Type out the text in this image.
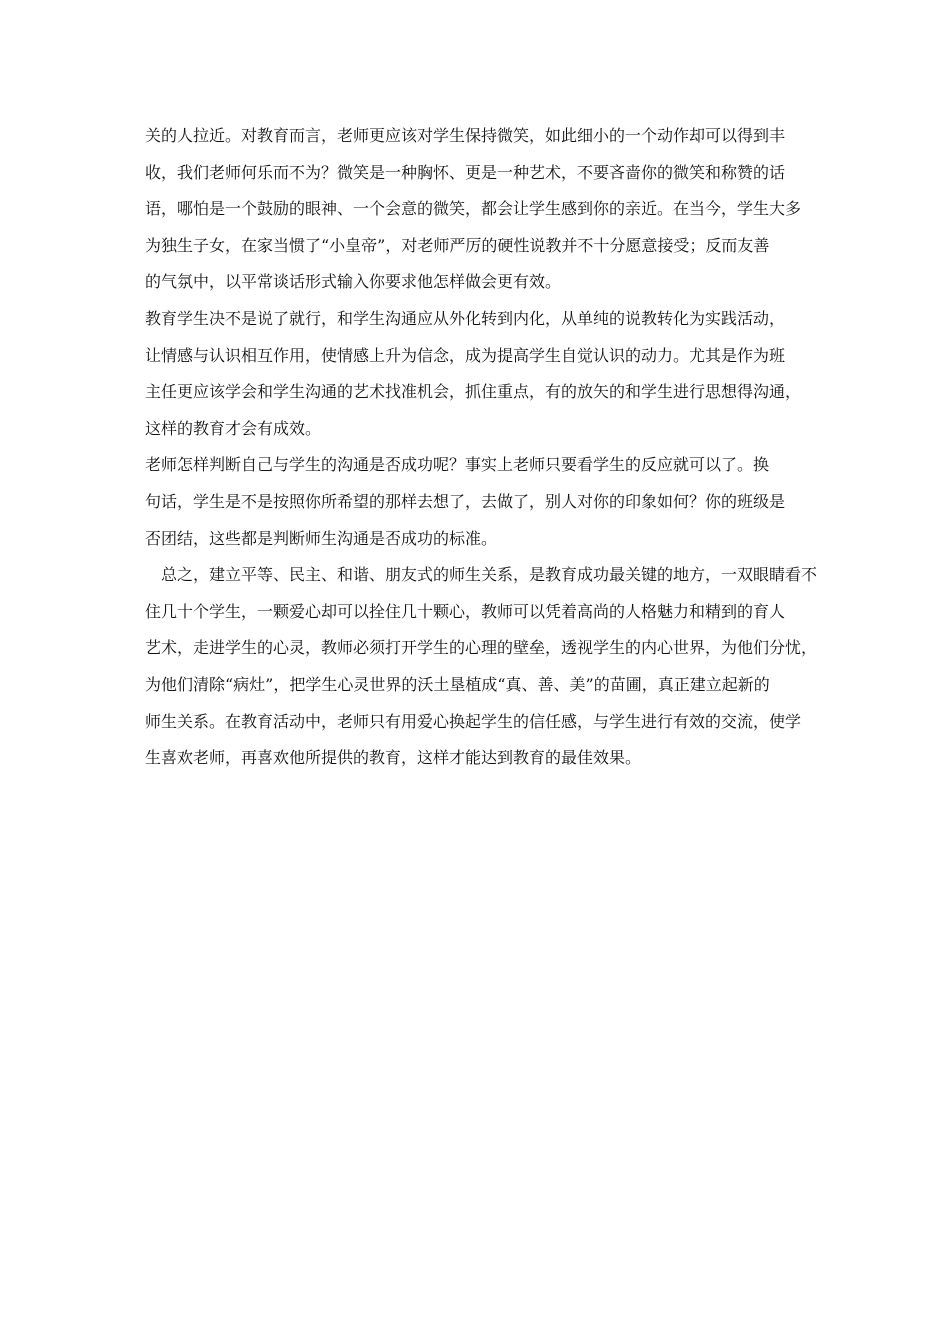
关的人拉近。对教育而言，老师更应该对学生保持微笑，如此细小的一个动作却可以得到丰
收，我们老师何乐而不为？微笑是一种胸怀、更是一种艺术，不要吝啬你的微笑和称赞的话
语，哪怕是一个鼓励的眼神、一个会意的微笑，都会让学生感到你的亲近。在当今，学生大多
为独生子女，在家当惯了“小皇帝”，对老师严厉的硬性说教并不十分愿意接受；反而友善
的气氛中，以平常谈话形式输入你要求他怎样做会更有效。

教育学生决不是说了就行，和学生沟通应从外化转到内化，从单纯的说教转化为实践活动，
让情感与认识相互作用，使情感上升为信念，成为提高学生自觉认识的动力。尤其是作为班
主任更应该学会和学生沟通的艺术找准机会，抓住重点，有的放矢的和学生进行思想得沟通，
这样的教育才会有成效。

老师怎样判断自己与学生的沟通是否成功呢？事实上老师只要看学生的反应就可以了。换
句话，学生是不是按照你所希望的那样去想了，去做了，别人对你的印象如何？你的班级是
否团结，这些都是判断师生沟通是否成功的标准。

总之，建立平等、民主、和谐、朋友式的师生关系，是教育成功最关键的地方，一双眼睛看不
住几十个学生，一颗爱心却可以拴住几十颗心，教师可以凭着高尚的人格魅力和精到的育人
艺术，走进学生的心灵，教师必须打开学生的心理的壁垒，透视学生的内心世界，为他们分忧，
为他们清除“病灶”，把学生心灵世界的沃土垦植成“真、善、美”的苗圃，真正建立起新的
师生关系。在教育活动中，老师只有用爱心换起学生的信任感，与学生进行有效的交流，使学
生喜欢老师，再喜欢他所提供的教育，这样才能达到教育的最佳效果。
